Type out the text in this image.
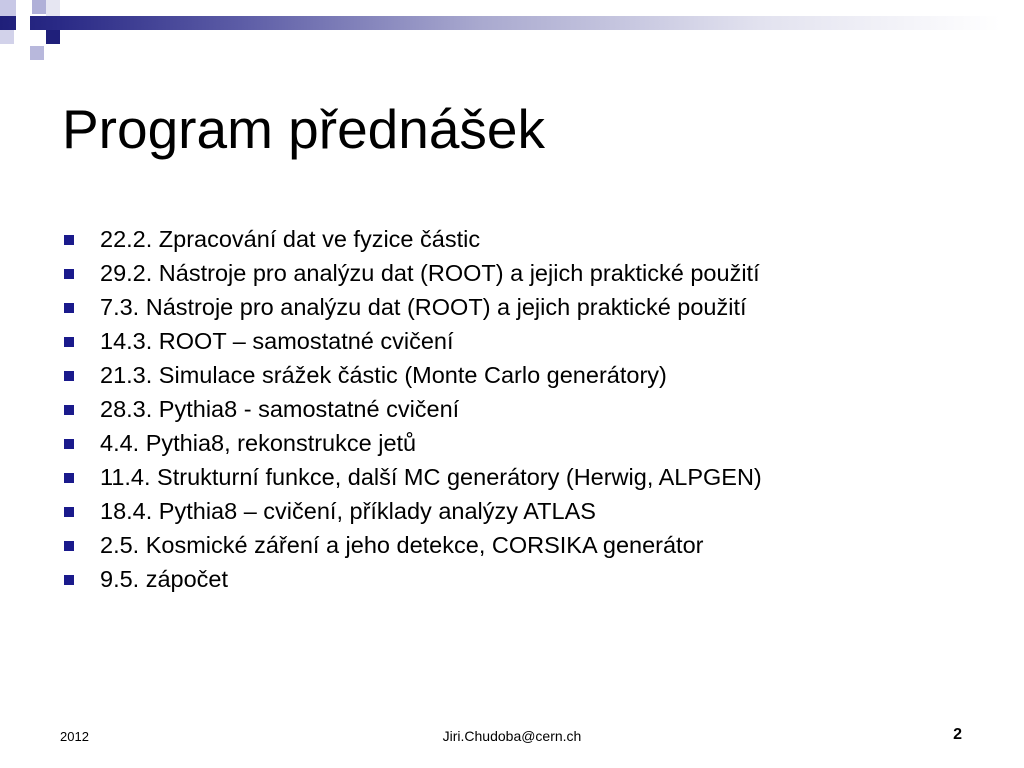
Program přednášek
22.2. Zpracování dat ve fyzice částic
29.2. Nástroje pro analýzu dat (ROOT) a jejich praktické použití
7.3. Nástroje pro analýzu dat (ROOT) a jejich praktické použití
14.3. ROOT – samostatné cvičení
21.3. Simulace srážek částic (Monte Carlo generátory)
28.3. Pythia8 - samostatné cvičení
4.4. Pythia8, rekonstrukce jetů
11.4. Strukturní funkce, další MC generátory (Herwig, ALPGEN)
18.4. Pythia8 – cvičení, příklady analýzy ATLAS
2.5. Kosmické záření a jeho detekce, CORSIKA generátor
9.5. zápočet
2012	Jiri.Chudoba@cern.ch	2
